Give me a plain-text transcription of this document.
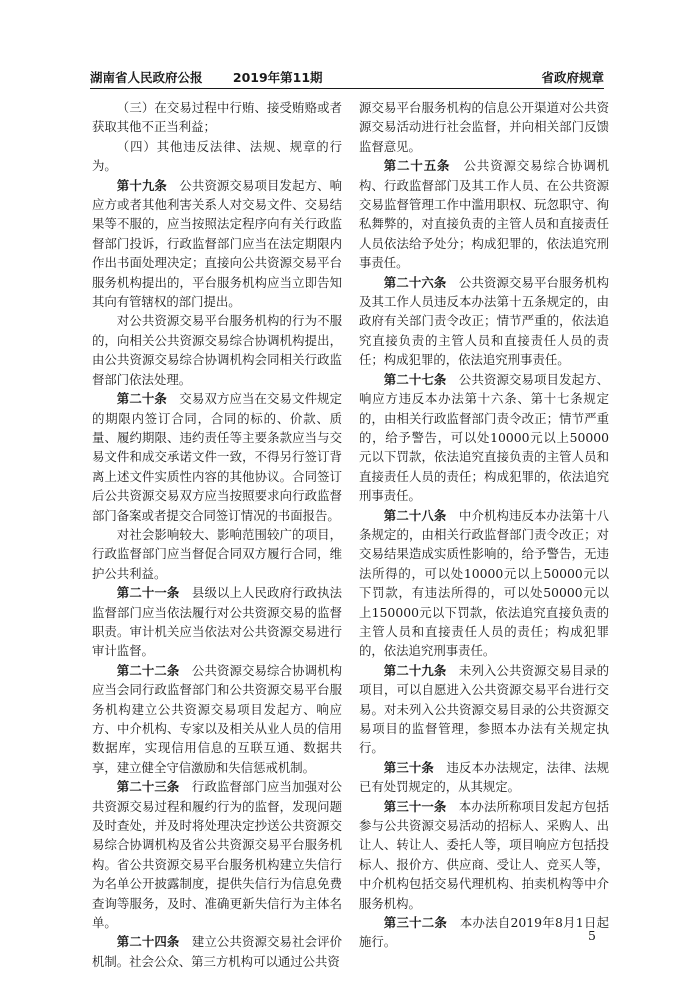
湖南省人民政府公报 2019年第11期	省政府规章

（三）在交易过程中行贿、接受贿赂或者获取其他不正当利益；

（四）其他违反法律、法规、规章的行为。

第十九条　 公共资源交易项目发起方、响应方或者其他利害关系人对交易文件、交易结果等不服的，应当按照法定程序向有关行政监督部门投诉，行政监督部门应当在法定期限内作出书面处理决定；直接向公共资源交易平台服务机构提出的，平台服务机构应当立即告知其向有管辖权的部门提出。

对公共资源交易平台服务机构的行为不服的，向相关公共资源交易综合协调机构提出，由公共资源交易综合协调机构会同相关行政监督部门依法处理。

第二十条　 交易双方应当在交易文件规定的期限内签订合同，合同的标的、价款、质量、履约期限、违约责任等主要条款应当与交易文件和成交承诺文件一致，不得另行签订背离上述文件实质性内容的其他协议。合同签订后公共资源交易双方应当按照要求向行政监督部门备案或者提交合同签订情况的书面报告。

对社会影响较大、影响范围较广的项目，行政监督部门应当督促合同双方履行合同，维护公共利益。

第二十一条　 县级以上人民政府行政执法监督部门应当依法履行对公共资源交易的监督职责。审计机关应当依法对公共资源交易进行审计监督。

第二十二条　 公共资源交易综合协调机构应当会同行政监督部门和公共资源交易平台服务机构建立公共资源交易项目发起方、响应方、中介机构、专家以及相关从业人员的信用数据库，实现信用信息的互联互通、数据共享，建立健全守信激励和失信惩戒机制。

第二十三条　 行政监督部门应当加强对公共资源交易过程和履约行为的监督，发现问题及时查处，并及时将处理决定抄送公共资源交易综合协调机构及省公共资源交易平台服务机构。省公共资源交易平台服务机构建立失信行为名单公开披露制度，提供失信行为信息免费查询等服务，及时、准确更新失信行为主体名单。

第二十四条　 建立公共资源交易社会评价机制。社会公众、第三方机构可以通过公共资

源交易平台服务机构的信息公开渠道对公共资源交易活动进行社会监督，并向相关部门反馈监督意见。

第二十五条　 公共资源交易综合协调机构、行政监督部门及其工作人员、在公共资源交易监督管理工作中滥用职权、玩忽职守、徇私舞弊的，对直接负责的主管人员和直接责任人员依法给予处分；构成犯罪的，依法追究刑事责任。

第二十六条　 公共资源交易平台服务机构及其工作人员违反本办法第十五条规定的，由政府有关部门责令改正；情节严重的，依法追究直接负责的主管人员和直接责任人员的责任；构成犯罪的，依法追究刑事责任。

第二十七条　 公共资源交易项目发起方、响应方违反本办法第十六条、第十七条规定的，由相关行政监督部门责令改正；情节严重的，给予警告，可以处10000元以上50000元以下罚款，依法追究直接负责的主管人员和直接责任人员的责任；构成犯罪的，依法追究刑事责任。

第二十八条　 中介机构违反本办法第十八条规定的，由相关行政监督部门责令改正；对交易结果造成实质性影响的，给予警告，无违法所得的，可以处10000元以上50000元以下罚款，有违法所得的，可以处50000元以上150000元以下罚款，依法追究直接负责的主管人员和直接责任人员的责任；构成犯罪的，依法追究刑事责任。

第二十九条　 未列入公共资源交易目录的项目，可以自愿进入公共资源交易平台进行交易。对未列入公共资源交易目录的公共资源交易项目的监督管理，参照本办法有关规定执行。

第三十条　 违反本办法规定，法律、法规已有处罚规定的，从其规定。

第三十一条　 本办法所称项目发起方包括参与公共资源交易活动的招标人、采购人、出让人、转让人、委托人等，项目响应方包括投标人、报价方、供应商、受让人、竞买人等，中介机构包括交易代理机构、拍卖机构等中介服务机构。

第三十二条　 本办法自2019年8月1日起施行。	5
